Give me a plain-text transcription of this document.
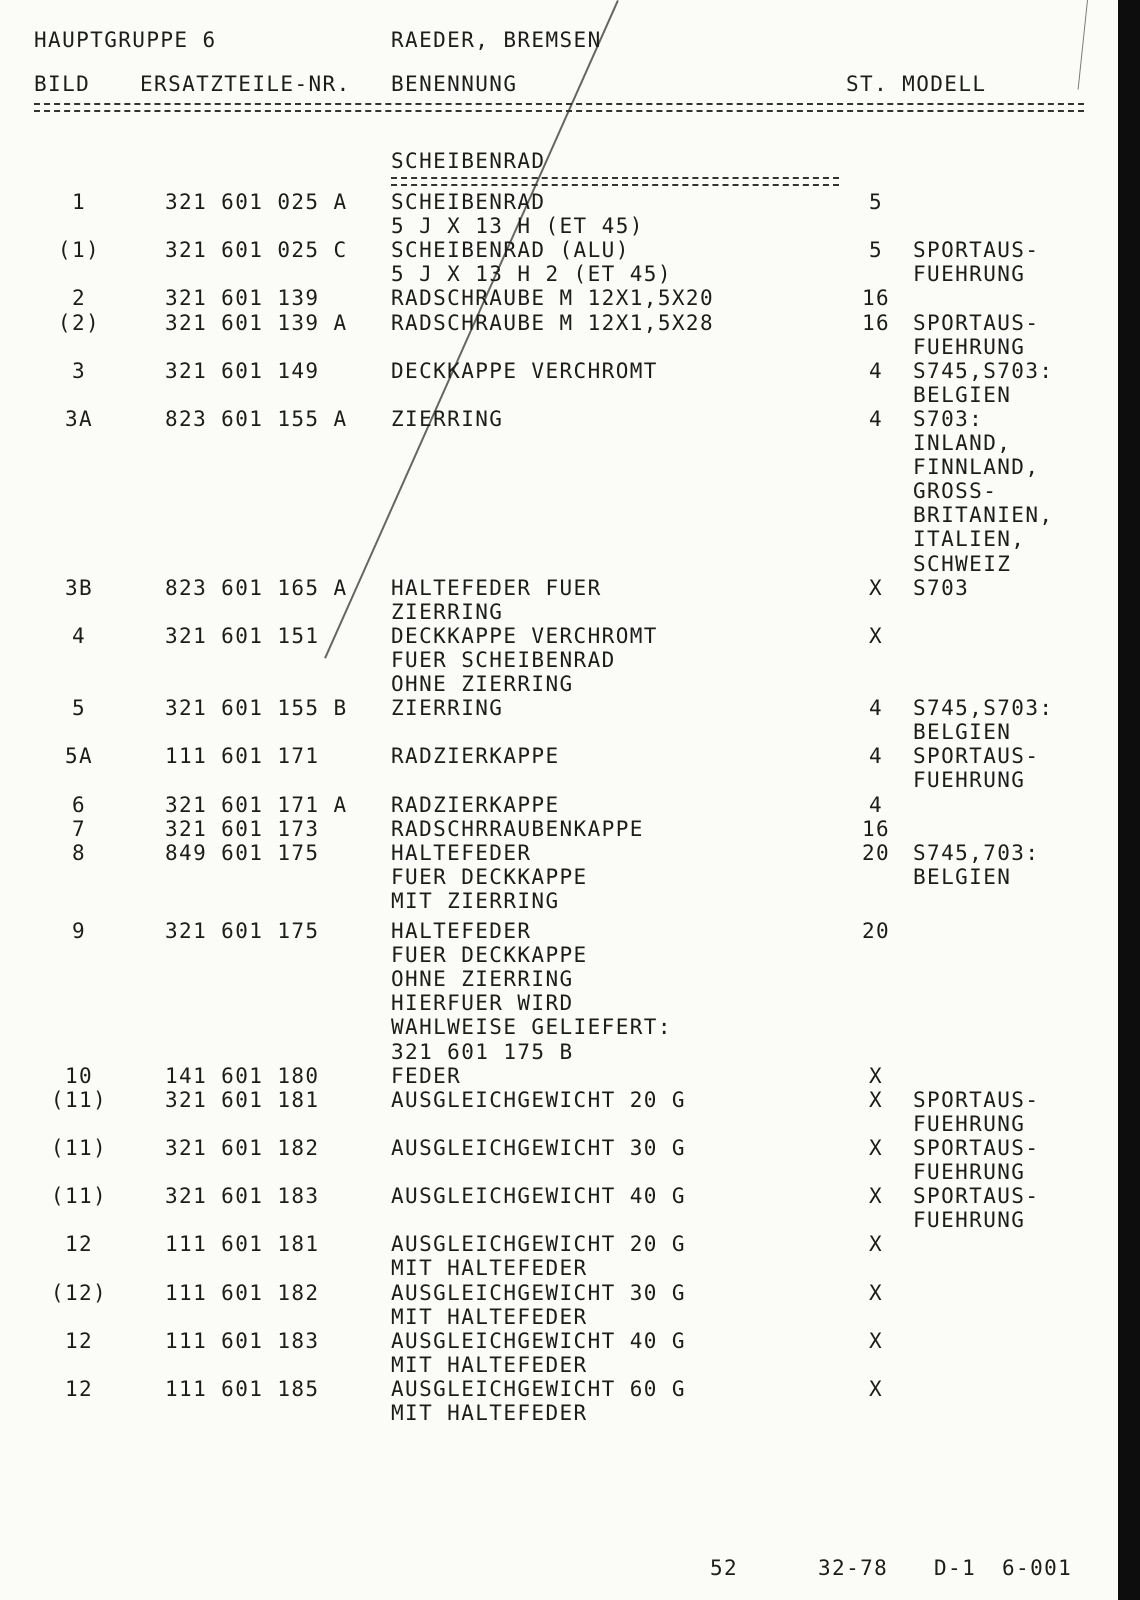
HAUPTGRUPPE 6	RAEDER, BREMSEN
BILD ERSATZTEILE-NR. BENENNUNG	ST. MODELL
SCHEIBENRAD
1	321 601 025 A SCHEIBENRAD	5
5 J X 13 H (ET 45)
(1)	321 601 025 C SCHEIBENRAD (ALU)	5	SPORTAUS-
5 J X 13 H 2 (ET 45)	FUEHRUNG
2	321 601 139	RADSCHRAUBE M 12X1,5X20	16
(2)	321 601 139 A RADSCHRAUBE M 12X1,5X28	16 SPORTAUS-
FUEHRUNG
3	321 601 149	DECKKAPPE VERCHROMT	4	S745,S703:
BELGIEN
3A	823 601 155 A ZIERRING	4	S703:
INLAND,
FINNLAND,
GROSS-
BRITANIEN,
ITALIEN,
SCHWEIZ
3B	823 601 165 A HALTEFEDER FUER	X	S703
ZIERRING
4	321 601 151	DECKKAPPE VERCHROMT	X
FUER SCHEIBENRAD
OHNE ZIERRING
5	321 601 155 B ZIERRING	4	S745,S703:
BELGIEN
5A	111 601 171	RADZIERKAPPE	4	SPORTAUS-
FUEHRUNG
6	321 601 171 A RADZIERKAPPE	4
7	321 601 173	RADSCHRRAUBENKAPPE	16
8	849 601 175	HALTEFEDER	20 S745,703:
FUER DECKKAPPE	BELGIEN
MIT ZIERRING
9	321 601 175	HALTEFEDER	20
FUER DECKKAPPE
OHNE ZIERRING
HIERFUER WIRD
WAHLWEISE GELIEFERT:
321 601 175 B
10	141 601 180	FEDER	X
(11)	321 601 181	AUSGLEICHGEWICHT 20 G	X	SPORTAUS-
FUEHRUNG
(11)	321 601 182	AUSGLEICHGEWICHT 30 G	X	SPORTAUS-
FUEHRUNG
(11)	321 601 183	AUSGLEICHGEWICHT 40 G	X	SPORTAUS-
FUEHRUNG
12	111 601 181	AUSGLEICHGEWICHT 20 G	X
MIT HALTEFEDER
(12)	111 601 182	AUSGLEICHGEWICHT 30 G	X
MIT HALTEFEDER
12	111 601 183	AUSGLEICHGEWICHT 40 G	X
MIT HALTEFEDER
12	111 601 185	AUSGLEICHGEWICHT 60 G	X
MIT HALTEFEDER
52	32-78 D-1 6-001
